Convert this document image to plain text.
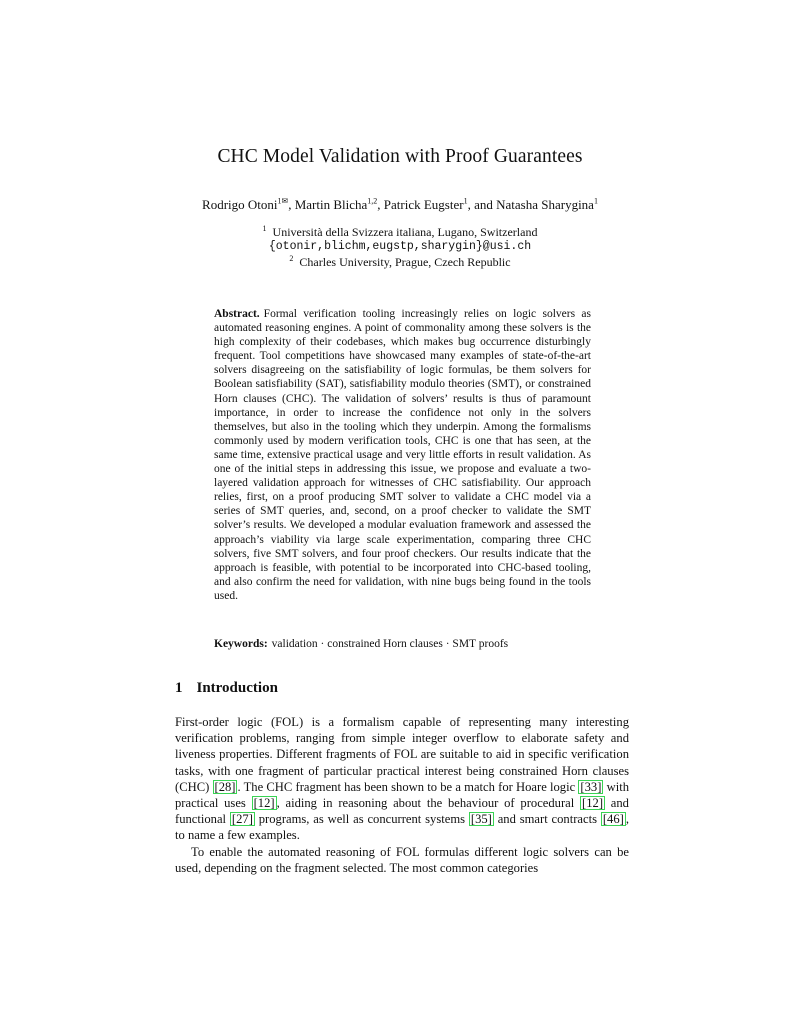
CHC Model Validation with Proof Guarantees
Rodrigo Otoni$^{1✉}$, Martin Blicha$^{1,2}$, Patrick Eugster$^1$, and Natasha Sharygina$^1$
$^1$ Università della Svizzera italiana, Lugano, Switzerland
{otonir,blichm,eugstp,sharygin}@usi.ch
$^2$ Charles University, Prague, Czech Republic
Abstract. Formal verification tooling increasingly relies on logic solvers as automated reasoning engines. A point of commonality among these solvers is the high complexity of their codebases, which makes bug occurrence disturbingly frequent. Tool competitions have showcased many examples of state-of-the-art solvers disagreeing on the satisfiability of logic formulas, be them solvers for Boolean satisfiability (SAT), satisfiability modulo theories (SMT), or constrained Horn clauses (CHC). The validation of solvers’ results is thus of paramount importance, in order to increase the confidence not only in the solvers themselves, but also in the tooling which they underpin. Among the formalisms commonly used by modern verification tools, CHC is one that has seen, at the same time, extensive practical usage and very little efforts in result validation. As one of the initial steps in addressing this issue, we propose and evaluate a two-layered validation approach for witnesses of CHC satisfiability. Our approach relies, first, on a proof producing SMT solver to validate a CHC model via a series of SMT queries, and, second, on a proof checker to validate the SMT solver’s results. We developed a modular evaluation framework and assessed the approach’s viability via large scale experimentation, comparing three CHC solvers, five SMT solvers, and four proof checkers. Our results indicate that the approach is feasible, with potential to be incorporated into CHC-based tooling, and also confirm the need for validation, with nine bugs being found in the tools used.
Keywords: validation · constrained Horn clauses · SMT proofs
1 Introduction

First-order logic (FOL) is a formalism capable of representing many interesting verification problems, ranging from simple integer overflow to elaborate safety and liveness properties. Different fragments of FOL are suitable to aid in specific verification tasks, with one fragment of particular practical interest being constrained Horn clauses (CHC) [28] . The CHC fragment has been shown to be a match for Hoare logic [33] with practical uses [12] , aiding in reasoning about the behaviour of procedural [12] and functional [27] programs, as well as concurrent systems [35] and smart contracts [46] , to name a few examples.

To enable the automated reasoning of FOL formulas different logic solvers can be used, depending on the fragment selected. The most common categories
